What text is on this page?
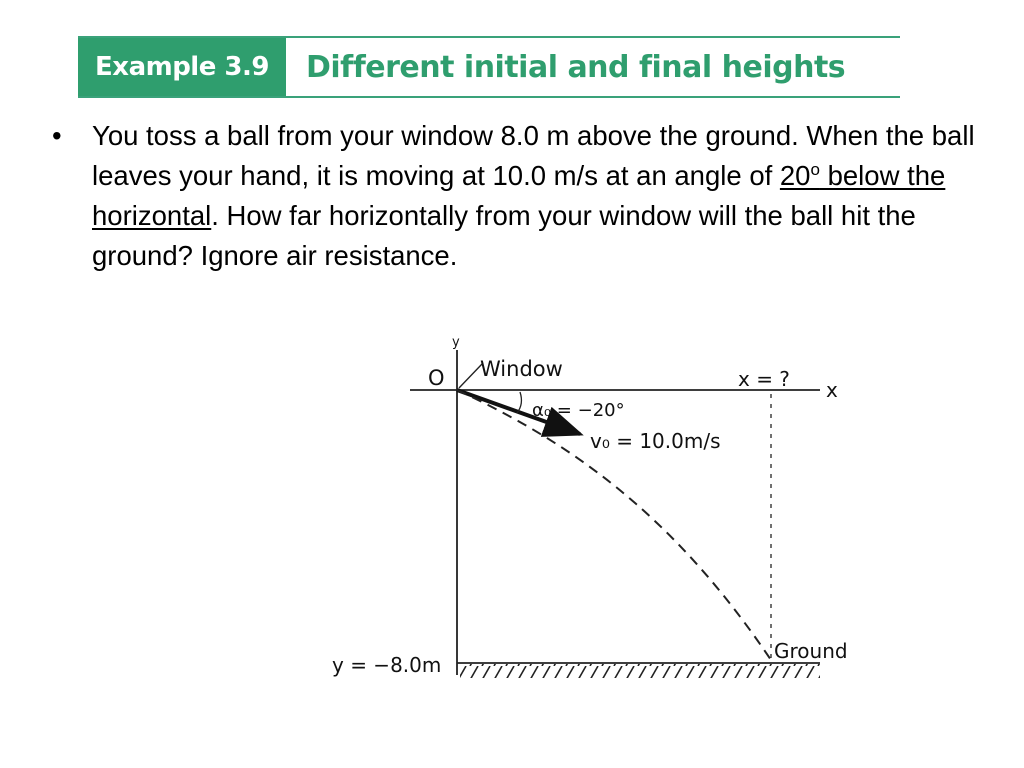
Example 3.9	Different initial and final heights
•	You toss a ball from your window 8.0 m above the ground. When the ball leaves your hand, it is moving at 10.0 m/s at an angle of 20$^o$ below the horizontal. How far horizontally from your window will the ball hit the ground? Ignore air resistance.
y
x
O Window	x = ?
α₀ = −20°
v₀ = 10.0m/s
Ground
y = −8.0m
